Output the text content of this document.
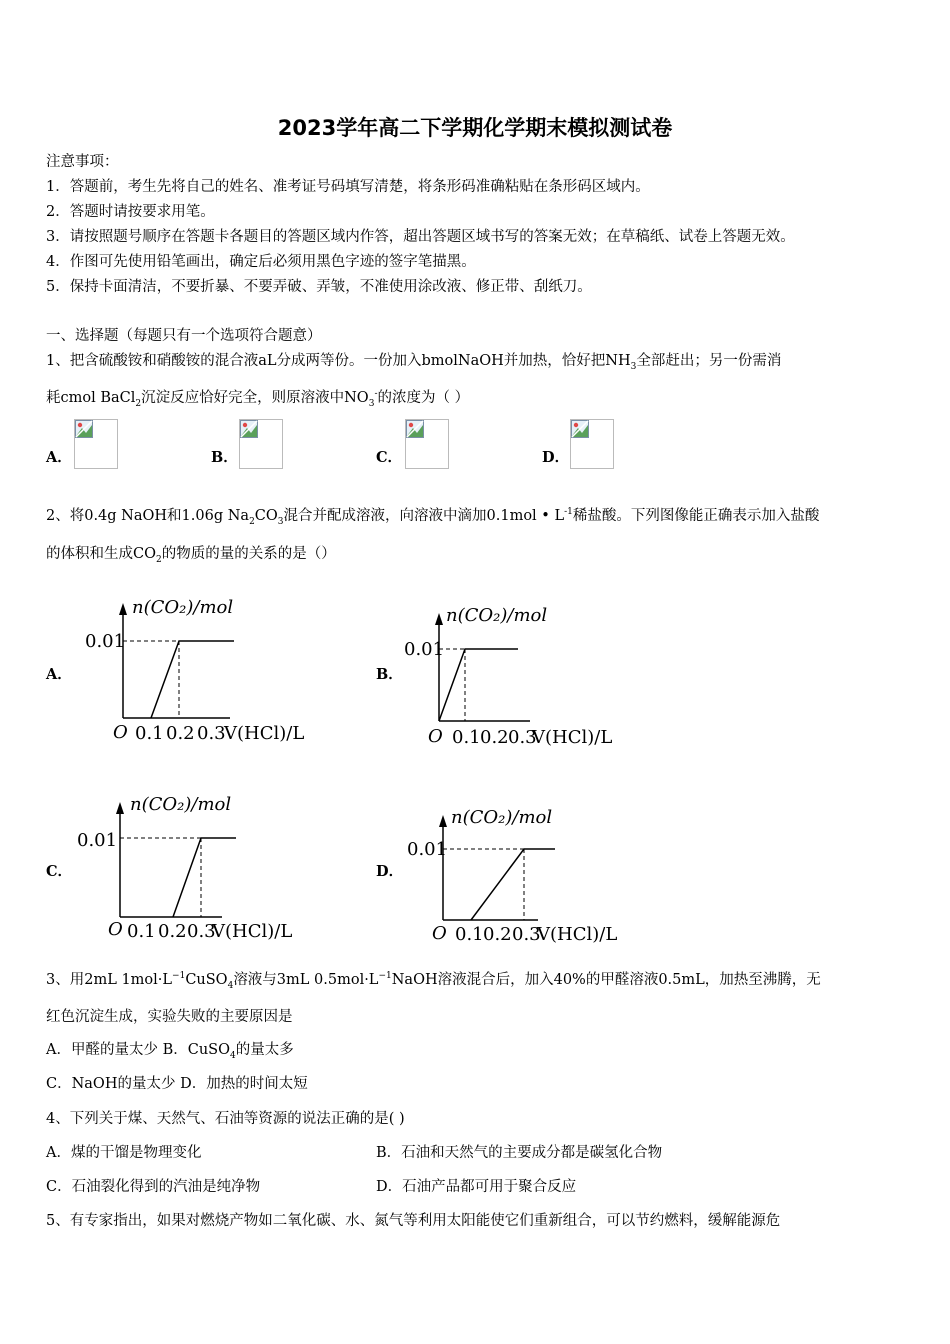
2023学年高二下学期化学期末模拟测试卷
注意事项：
1．答题前，考生先将自己的姓名、准考证号码填写清楚，将条形码准确粘贴在条形码区域内。
2．答题时请按要求用笔。
3．请按照题号顺序在答题卡各题目的答题区域内作答，超出答题区域书写的答案无效；在草稿纸、试卷上答题无效。
4．作图可先使用铅笔画出，确定后必须用黑色字迹的签字笔描黑。
5．保持卡面清洁，不要折暴、不要弄破、弄皱，不准使用涂改液、修正带、刮纸刀。
一、选择题（每题只有一个选项符合题意）
1、把含硫酸铵和硝酸铵的混合液aL分成两等份。一份加入bmolNaOH并加热，恰好把$NH_3$全部赶出；另一份需消
耗cmol BaCl$_2$沉淀反应恰好完全，则原溶液中$NO_3^-$的浓度为（ ）
A．	B．	C．	D．
2、将0.4g NaOH和1.06g $Na_2CO_3$混合并配成溶液，向溶液中滴加0.1mol • $L^{-1}$稀盐酸。下列图像能正确表示加入盐酸
的体积和生成$CO_2$的物质的量的关系的是（）
A．
n(CO₂)/mol
0.01
O 0.1 0.2 0.3
V(HCl)/L
B．
n(CO₂)/mol
0.01
O 0.1 0.2 0.3
V(HCl)/L
C．
n(CO₂)/mol
0.01
O 0.1 0.2 0.3
V(HCl)/L
D．
n(CO₂)/mol
0.01
O 0.1 0.2 0.3
V(HCl)/L
3、用2mL $1mol\cdot L^{-1}CuSO_4$溶液与3mL $0.5mol\cdot L^{-1}NaOH$溶液混合后，加入40%的甲醛溶液0.5mL，加热至沸腾，无
红色沉淀生成，实验失败的主要原因是
A．甲醛的量太少 B．CuSO$_4$的量太多
C．NaOH的量太少 D．加热的时间太短
4、下列关于煤、天然气、石油等资源的说法正确的是( )
A．煤的干馏是物理变化	B．石油和天然气的主要成分都是碳氢化合物
C．石油裂化得到的汽油是纯净物	D．石油产品都可用于聚合反应
5、有专家指出，如果对燃烧产物如二氧化碳、水、氮气等利用太阳能使它们重新组合，可以节约燃料，缓解能源危
